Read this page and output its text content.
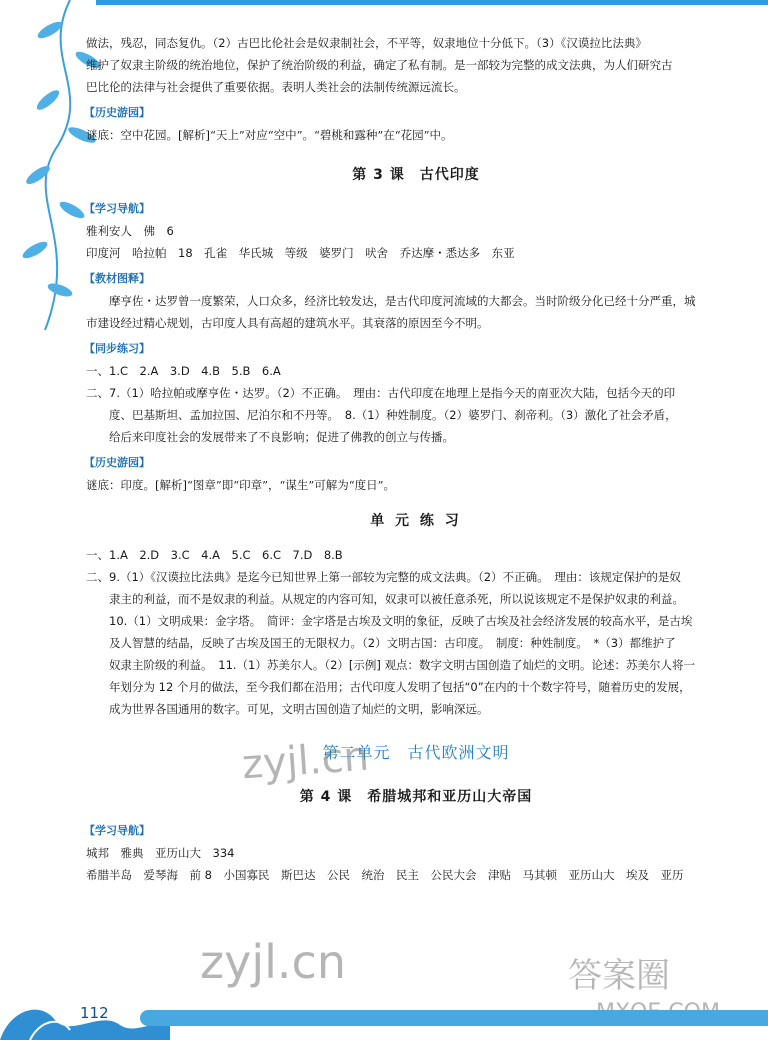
做法，残忍，同态复仇。（2）古巴比伦社会是奴隶制社会，不平等，奴隶地位十分低下。（3）《汉谟拉比法典》

维护了奴隶主阶级的统治地位，保护了统治阶级的利益，确定了私有制。是一部较为完整的成文法典，为人们研究古

巴比伦的法律与社会提供了重要依据。表明人类社会的法制传统源远流长。

【历史游园】

谜底：空中花园。[解析]“天上”对应“空中”。“碧桃和露种”在“花园”中。

第 3 课　古代印度
【学习导航】

雅利安人　佛　6

印度河　哈拉帕　18　孔雀　华氏城　等级　婆罗门　吠舍　乔达摩・悉达多　东亚

【教材图释】

摩亨佐・达罗曾一度繁荣，人口众多，经济比较发达，是古代印度河流域的大都会。当时阶级分化已经十分严重，城

市建设经过精心规划，古印度人具有高超的建筑水平。其衰落的原因至今不明。

【同步练习】

一、1.C　2.A　3.D　4.B　5.B　6.A

二、7.（1）哈拉帕或摩亨佐・达罗。（2）不正确。　理由：古代印度在地理上是指今天的南亚次大陆，包括今天的印

度、巴基斯坦、孟加拉国、尼泊尔和不丹等。　8.（1）种姓制度。（2）婆罗门、刹帝利。（3）激化了社会矛盾，

给后来印度社会的发展带来了不良影响；促进了佛教的创立与传播。

【历史游园】

谜底：印度。[解析]“图章”即“印章”，“谋生”可解为“度日”。

单 元 练 习

一、1.A　2.D　3.C　4.A　5.C　6.C　7.D　8.B

二、9.（1）《汉谟拉比法典》是迄今已知世界上第一部较为完整的成文法典。（2）不正确。　理由：该规定保护的是奴

隶主的利益，而不是奴隶的利益。从规定的内容可知，奴隶可以被任意杀死，所以说该规定不是保护奴隶的利益。

10.（1）文明成果：金字塔。　简评：金字塔是古埃及文明的象征，反映了古埃及社会经济发展的较高水平，是古埃

及人智慧的结晶，反映了古埃及国王的无限权力。（2）文明古国：古印度。　制度：种姓制度。　*（3）都维护了

奴隶主阶级的利益。　11.（1）苏美尔人。（2）[示例] 观点：数字文明古国创造了灿烂的文明。论述：苏美尔人将一

年划分为 12 个月的做法，至今我们都在沿用；古代印度人发明了包括“0”在内的十个数字符号，随着历史的发展，

成为世界各国通用的数字。可见，文明古国创造了灿烂的文明，影响深远。

第二单元　古代欧洲文明
第 4 课　希腊城邦和亚历山大帝国
【学习导航】

城邦　雅典　亚历山大　334

希腊半岛　爱琴海　前 8　小国寡民　斯巴达　公民　统治　民主　公民大会　津贴　马其顿　亚历山大　埃及　亚历

zyjl.cn
zyjl.cn	答案圈
112
